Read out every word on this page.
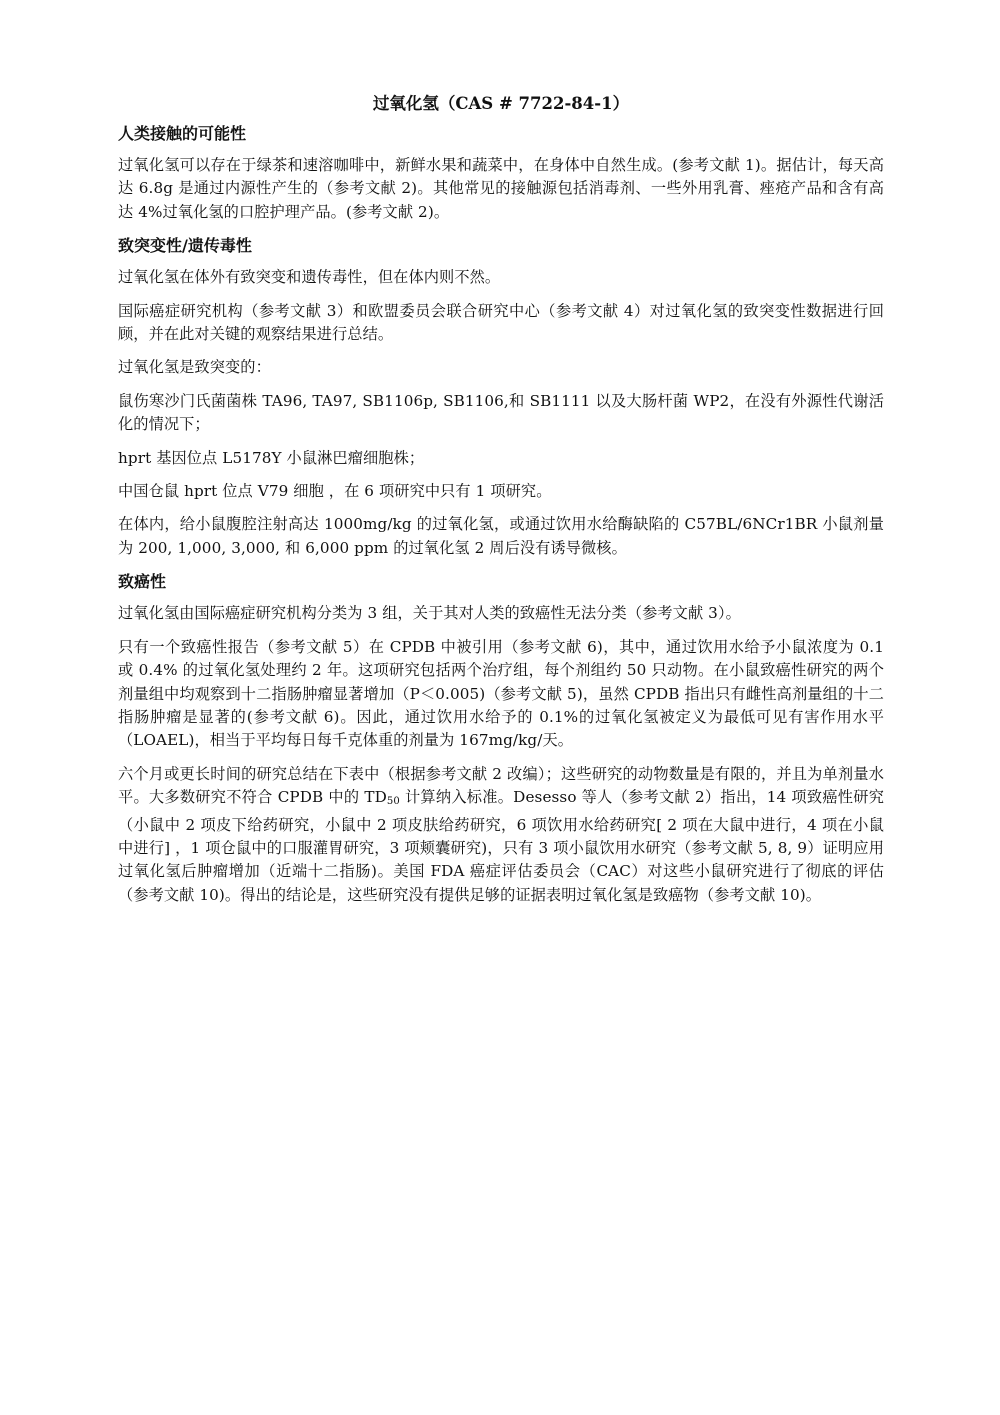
过氧化氢（CAS # 7722-84-1）
人类接触的可能性

过氧化氢可以存在于绿茶和速溶咖啡中，新鲜水果和蔬菜中，在身体中自然生成。(参考文献 1)。据估计，每天高达 6.8g 是通过内源性产生的（参考文献 2)。其他常见的接触源包括消毒剂、一些外用乳膏、痤疮产品和含有高达 4%过氧化氢的口腔护理产品。(参考文献 2)。

致突变性/遗传毒性

过氧化氢在体外有致突变和遗传毒性，但在体内则不然。

国际癌症研究机构（参考文献 3）和欧盟委员会联合研究中心（参考文献 4）对过氧化氢的致突变性数据进行回顾，并在此对关键的观察结果进行总结。

过氧化氢是致突变的：

鼠伤寒沙门氏菌菌株 TA96, TA97, SB1106p, SB1106,和 SB1111 以及大肠杆菌 WP2，在没有外源性代谢活化的情况下；

hprt 基因位点 L5178Y 小鼠淋巴瘤细胞株；

中国仓鼠 hprt 位点 V79 细胞 ，在 6 项研究中只有 1 项研究。

在体内，给小鼠腹腔注射高达 1000mg/kg 的过氧化氢，或通过饮用水给酶缺陷的 C57BL/6NCr1BR 小鼠剂量为 200, 1,000, 3,000, 和 6,000 ppm 的过氧化氢 2 周后没有诱导微核。

致癌性

过氧化氢由国际癌症研究机构分类为 3 组，关于其对人类的致癌性无法分类（参考文献 3）。

只有一个致癌性报告（参考文献 5）在 CPDB 中被引用（参考文献 6)，其中，通过饮用水给予小鼠浓度为 0.1 或 0.4% 的过氧化氢处理约 2 年。这项研究包括两个治疗组，每个剂组约 50 只动物。在小鼠致癌性研究的两个剂量组中均观察到十二指肠肿瘤显著增加（P＜0.005)（参考文献 5)，虽然 CPDB 指出只有雌性高剂量组的十二指肠肿瘤是显著的(参考文献 6)。因此，通过饮用水给予的 0.1%的过氧化氢被定义为最低可见有害作用水平（LOAEL)，相当于平均每日每千克体重的剂量为 167mg/kg/天。

六个月或更长时间的研究总结在下表中（根据参考文献 2 改编）；这些研究的动物数量是有限的，并且为单剂量水平。大多数研究不符合 CPDB 中的 $TD_{50}$ 计算纳入标准。Desesso 等人（参考文献 2）指出，14 项致癌性研究（小鼠中 2 项皮下给药研究，小鼠中 2 项皮肤给药研究，6 项饮用水给药研究[ 2 项在大鼠中进行，4 项在小鼠中进行] ，1 项仓鼠中的口服灌胃研究，3 项颊囊研究)，只有 3 项小鼠饮用水研究（参考文献 5, 8, 9）证明应用过氧化氢后肿瘤增加（近端十二指肠)。美国 FDA 癌症评估委员会（CAC）对这些小鼠研究进行了彻底的评估（参考文献 10)。得出的结论是，这些研究没有提供足够的证据表明过氧化氢是致癌物（参考文献 10)。
